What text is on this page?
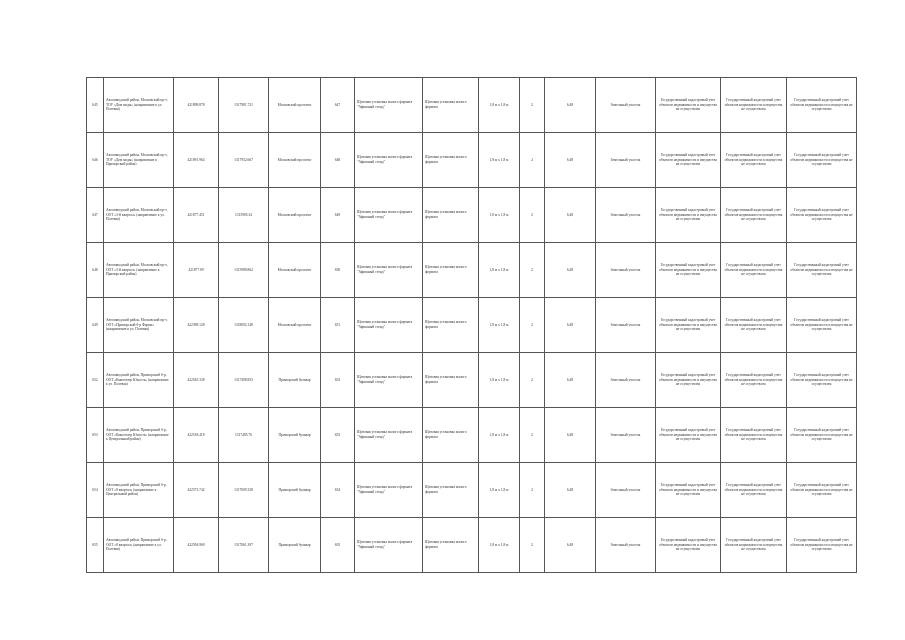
645	Автозаводский район, Московский пр-т, ТОУ «Дом моды» (направление к ул. Полевая)	421898.878	1317981.721	Московский проспект	647	Щитовая установка малого формата "Афишный стенд"	Щитовая установка малого формата	1,8 м х 1,8 м	2	6,48	Земельный участок	Государственный кадастровый учет объектов недвижимости и имущества не осуществлен	Государственный кадастровый учет объектов недвижимости и имущества не осуществлен	Государственный кадастровый учет объектов недвижимости и имущества не осуществлен
646	Автозаводский район, Московский пр-т, ТОУ «Дом моды» (направление к Приморский район)	421891.964	1317932.667	Московский проспект	648	Щитовая установка малого формата "Афишный стенд"	Щитовая установка малого формата	1,8 м х 1,8 м	2	6,48	Земельный участок	Государственный кадастровый учет объектов недвижимости и имущества не осуществлен	Государственный кадастровый учет объектов недвижимости и имущества не осуществлен	Государственный кадастровый учет объектов недвижимости и имущества не осуществлен
647	Автозаводский район, Московский пр-т, ООТ «3-й квартал» (направление к ул. Полевая)	421877.451	1315985.34	Московский проспект	649	Щитовая установка малого формата "Афишный стенд"	Щитовая установка малого формата	1,8 м х 1,8 м	2	6,48	Земельный участок	Государственный кадастровый учет объектов недвижимости и имущества не осуществлен	Государственный кадастровый учет объектов недвижимости и имущества не осуществлен	Государственный кадастровый учет объектов недвижимости и имущества не осуществлен
648	Автозаводский район, Московский пр-т, ООТ «3-й квартал» (направление к Приморский район)	421877.89	1315988.862	Московский проспект	650	Щитовая установка малого формата "Афишный стенд"	Щитовая установка малого формата	1,8 м х 1,8 м	2	6,48	Земельный участок	Государственный кадастровый учет объектов недвижимости и имущества не осуществлен	Государственный кадастровый учет объектов недвижимости и имущества не осуществлен	Государственный кадастровый учет объектов недвижимости и имущества не осуществлен
649	Автозаводский район, Московский пр-т, ООТ «Приморский б-р Фарма» (направление к ул. Полевая)	422398.128	1318092.148	Московский проспект	651	Щитовая установка малого формата "Афишный стенд"	Щитовая установка малого формата	1,8 м х 1,8 м	2	6,48	Земельный участок	Государственный кадастровый учет объектов недвижимости и имущества не осуществлен	Государственный кадастровый учет объектов недвижимости и имущества не осуществлен	Государственный кадастровый учет объектов недвижимости и имущества не осуществлен
652	Автозаводский район, Приморский б-р, ООТ «Кинотеатр Юность» (направление к ул. Полевая)	422545.338	1317498.853	Приморский бульвар	652	Щитовая установка малого формата "Афишный стенд"	Щитовая установка малого формата	1,8 м х 1,8 м	2	6,48	Земельный участок	Государственный кадастровый учет объектов недвижимости и имущества не осуществлен	Государственный кадастровый учет объектов недвижимости и имущества не осуществлен	Государственный кадастровый учет объектов недвижимости и имущества не осуществлен
653	Автозаводский район, Приморский б-р, ООТ «Кинотеатр Юность» (направление к Центральный район)	422518.418	1317485.76	Приморский бульвар	653	Щитовая установка малого формата "Афишный стенд"	Щитовая установка малого формата	1,8 м х 1,8 м	2	6,48	Земельный участок	Государственный кадастровый учет объектов недвижимости и имущества не осуществлен	Государственный кадастровый учет объектов недвижимости и имущества не осуществлен	Государственный кадастровый учет объектов недвижимости и имущества не осуществлен
654	Автозаводский район, Приморский б-р, ООТ «8 квартал» (направление к Центральный район)	422573.742	1317009.338	Приморский бульвар	654	Щитовая установка малого формата "Афишный стенд"	Щитовая установка малого формата	1,8 м х 1,8 м	2	6,48	Земельный участок	Государственный кадастровый учет объектов недвижимости и имущества не осуществлен	Государственный кадастровый учет объектов недвижимости и имущества не осуществлен	Государственный кадастровый учет объектов недвижимости и имущества не осуществлен
655	Автозаводский район, Приморский б-р, ООТ «8 квартал» (направление к ул. Полевая)	422594.969	1317061.397	Приморский бульвар	655	Щитовая установка малого формата "Афишный стенд"	Щитовая установка малого формата	1,8 м х 1,8 м	2	6,48	Земельный участок	Государственный кадастровый учет объектов недвижимости и имущества не осуществлен	Государственный кадастровый учет объектов недвижимости и имущества не осуществлен	Государственный кадастровый учет объектов недвижимости и имущества не осуществлен
